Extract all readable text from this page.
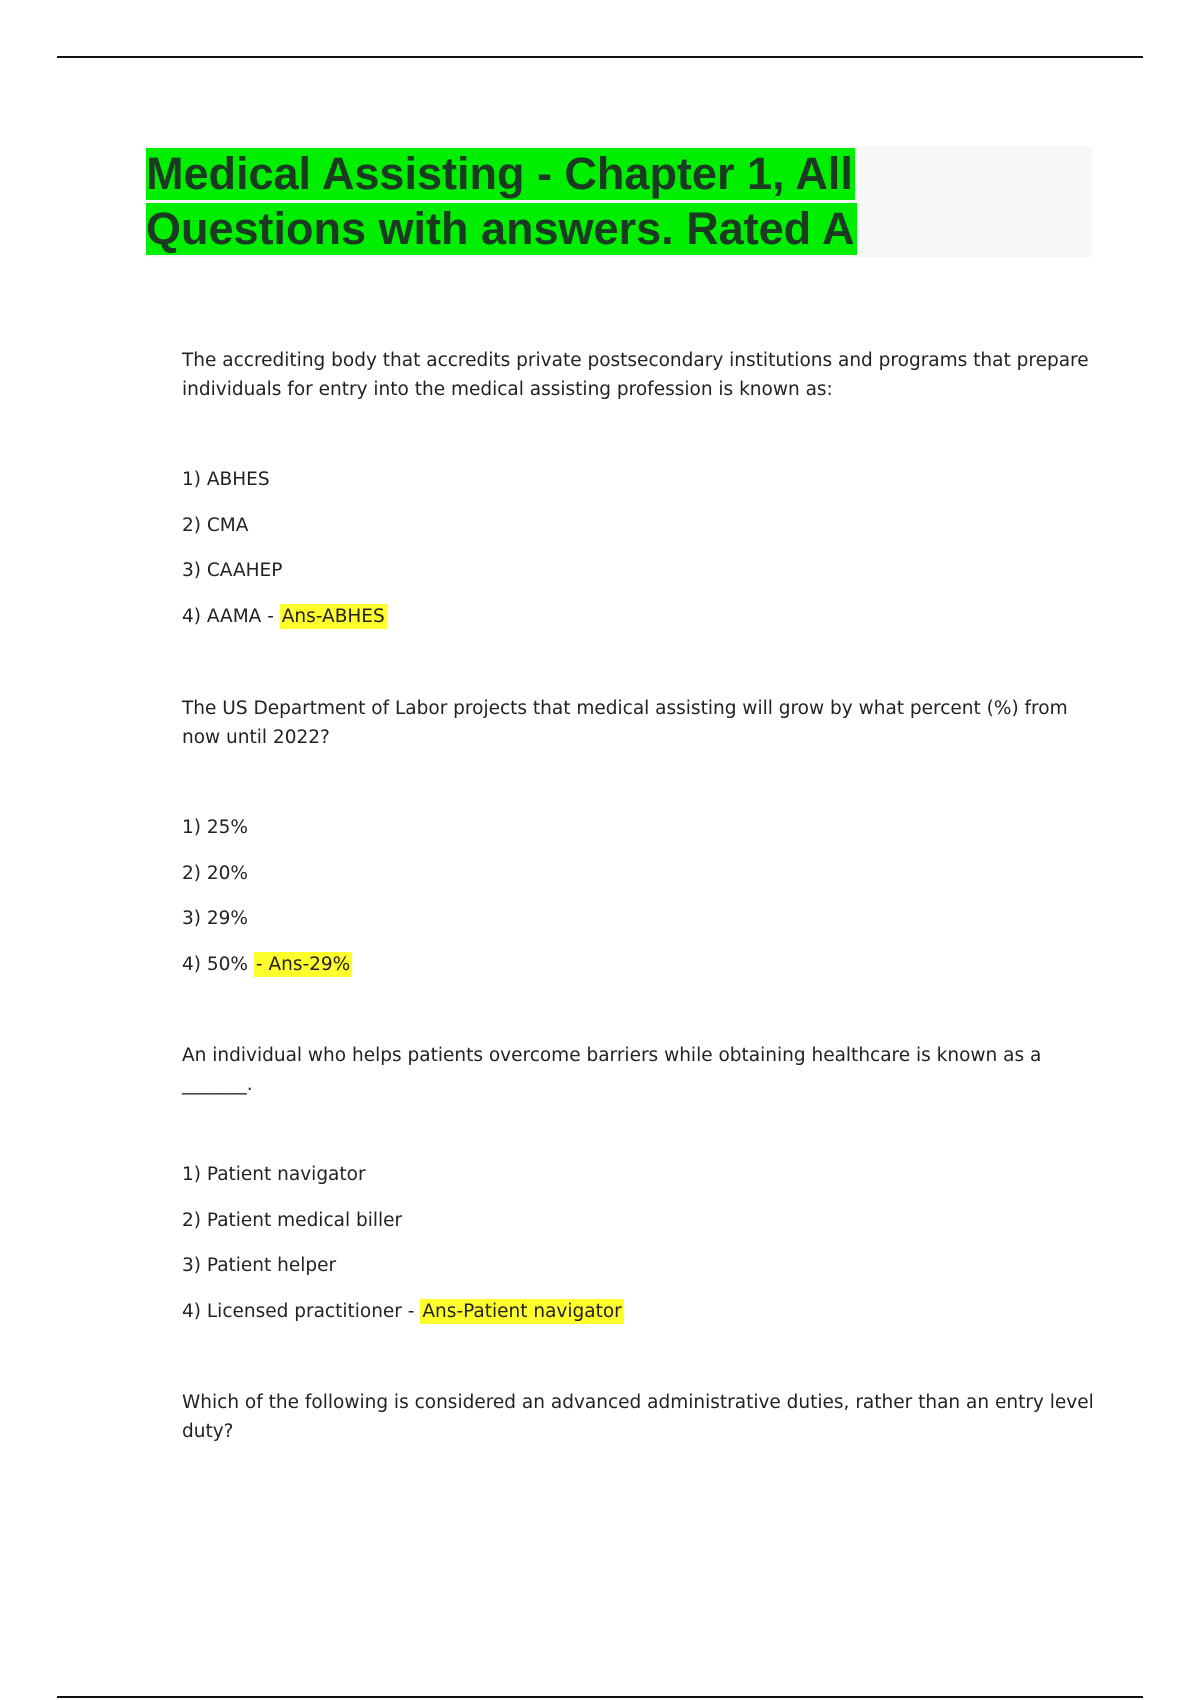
Medical Assisting - Chapter 1, All Questions with answers. Rated A

The accrediting body that accredits private postsecondary institutions and programs that prepare individuals for entry into the medical assisting profession is known as:

1) ABHES
2) CMA
3) CAAHEP
4) AAMA - Ans-ABHES

The US Department of Labor projects that medical assisting will grow by what percent (%) from now until 2022?

1) 25%
2) 20%
3) 29%
4) 50% - Ans-29%

An individual who helps patients overcome barriers while obtaining healthcare is known as a _______.

1) Patient navigator
2) Patient medical biller
3) Patient helper
4) Licensed practitioner - Ans-Patient navigator

Which of the following is considered an advanced administrative duties, rather than an entry level duty?
